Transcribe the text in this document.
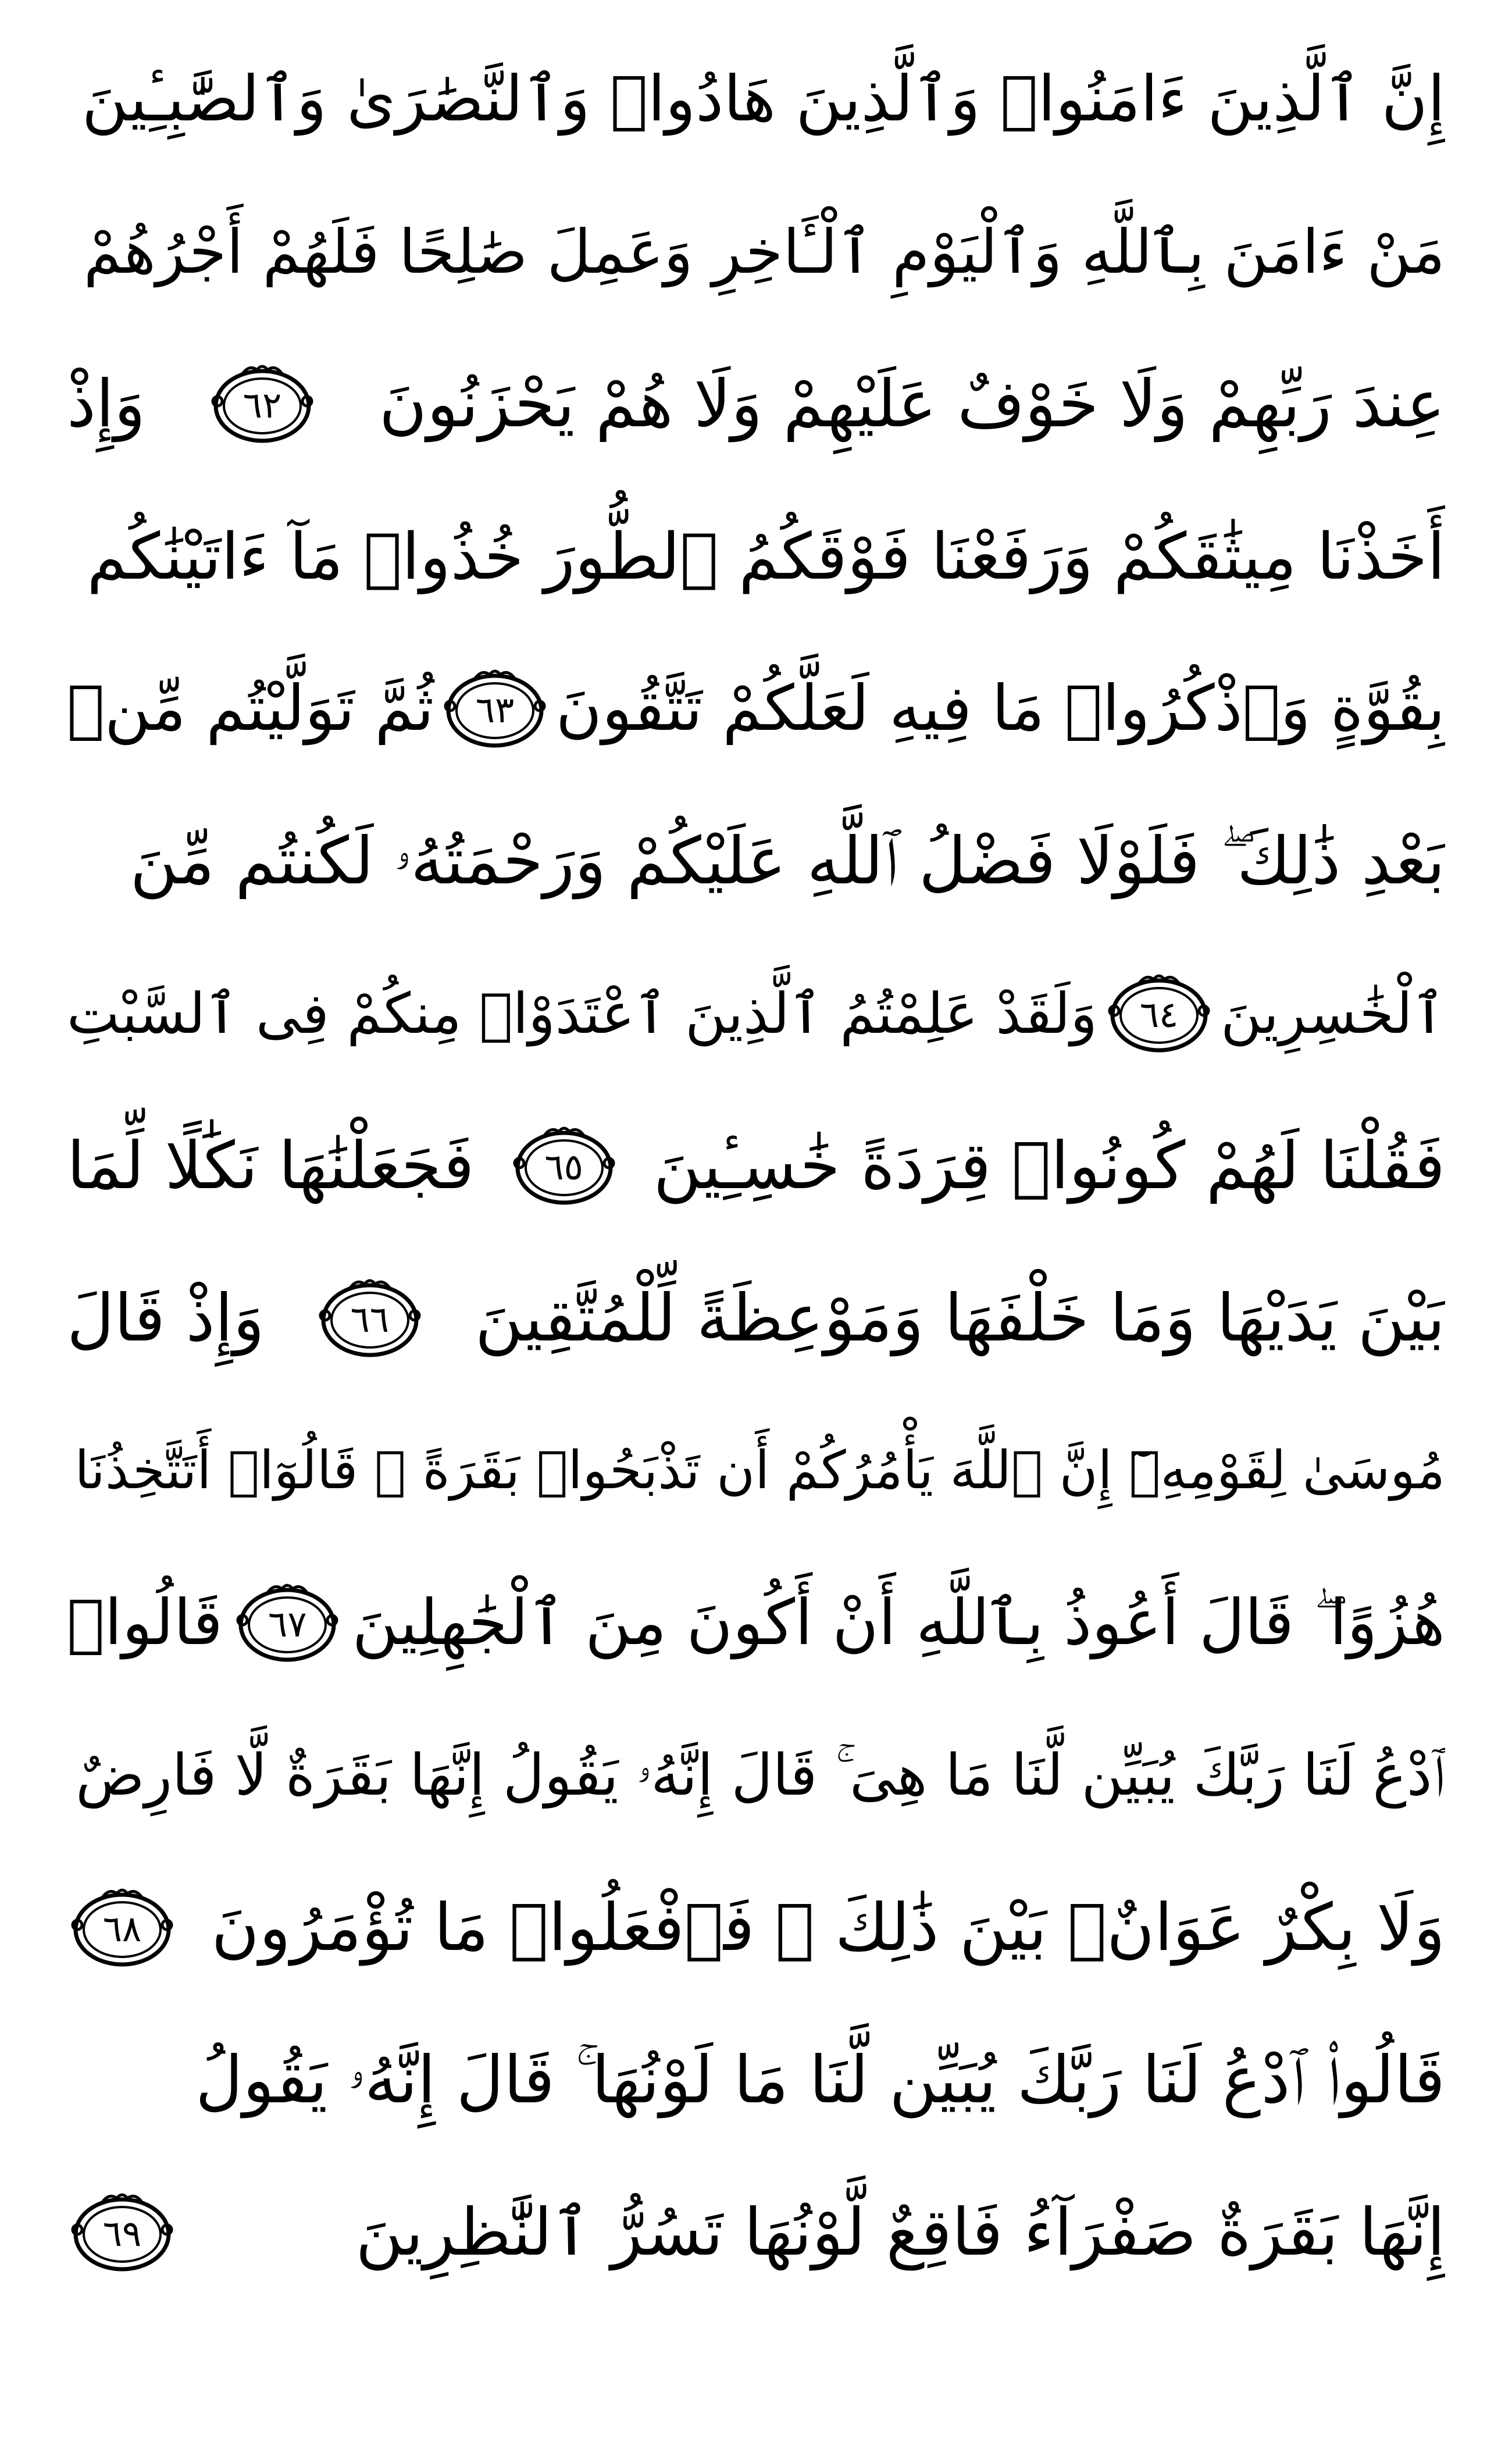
إِنَّ ٱلَّذِينَ ءَامَنُوا۟ وَٱلَّذِينَ هَادُوا۟ وَٱلنَّصَٰرَىٰ وَٱلصَّٰبِـِٔينَ
مَنْ ءَامَنَ بِٱللَّهِ وَٱلْيَوْمِ ٱلْـَٔاخِرِ وَعَمِلَ صَٰلِحًا فَلَهُمْ أَجْرُهُمْ
عِندَ رَبِّهِمْ وَلَا خَوْفٌ عَلَيْهِمْ وَلَا هُمْ يَحْزَنُونَ
٦٢
وَإِذْ
أَخَذْنَا مِيثَٰقَكُمْ وَرَفَعْنَا فَوْقَكُمُ ٱلطُّورَ خُذُوا۟ مَآ ءَاتَيْنَٰكُم
بِقُوَّةٍ وَٱذْكُرُوا۟ مَا فِيهِ لَعَلَّكُمْ تَتَّقُونَ
٦٣
ثُمَّ تَوَلَّيْتُم مِّنۢ
بَعْدِ ذَٰلِكَ ۖ فَلَوْلَا فَضْلُ ٱللَّهِ عَلَيْكُمْ وَرَحْمَتُهُۥ لَكُنتُم مِّنَ
ٱلْخَٰسِرِينَ
٦٤
وَلَقَدْ عَلِمْتُمُ ٱلَّذِينَ ٱعْتَدَوْا۟ مِنكُمْ فِى ٱلسَّبْتِ
فَقُلْنَا لَهُمْ كُونُوا۟ قِرَدَةً خَٰسِـِٔينَ
٦٥
فَجَعَلْنَٰهَا نَكَٰلًا لِّمَا
بَيْنَ يَدَيْهَا وَمَا خَلْفَهَا وَمَوْعِظَةً لِّلْمُتَّقِينَ
٦٦
وَإِذْ قَالَ
مُوسَىٰ لِقَوْمِهِۦٓ إِنَّ ٱللَّهَ يَأْمُرُكُمْ أَن تَذْبَحُوا۟ بَقَرَةً ۖ قَالُوٓا۟ أَتَتَّخِذُنَا
هُزُوًا ۖ قَالَ أَعُوذُ بِٱللَّهِ أَنْ أَكُونَ مِنَ ٱلْجَٰهِلِينَ
٦٧
قَالُوا۟
ٱدْعُ لَنَا رَبَّكَ يُبَيِّن لَّنَا مَا هِىَ ۚ قَالَ إِنَّهُۥ يَقُولُ إِنَّهَا بَقَرَةٌ لَّا فَارِضٌ
وَلَا بِكْرٌ عَوَانٌۢ بَيْنَ ذَٰلِكَ ۖ فَٱفْعَلُوا۟ مَا تُؤْمَرُونَ
٦٨
قَالُوا۟ ٱدْعُ لَنَا رَبَّكَ يُبَيِّن لَّنَا مَا لَوْنُهَا ۚ قَالَ إِنَّهُۥ يَقُولُ
إِنَّهَا بَقَرَةٌ صَفْرَآءُ فَاقِعٌ لَّوْنُهَا تَسُرُّ ٱلنَّٰظِرِينَ
٦٩
